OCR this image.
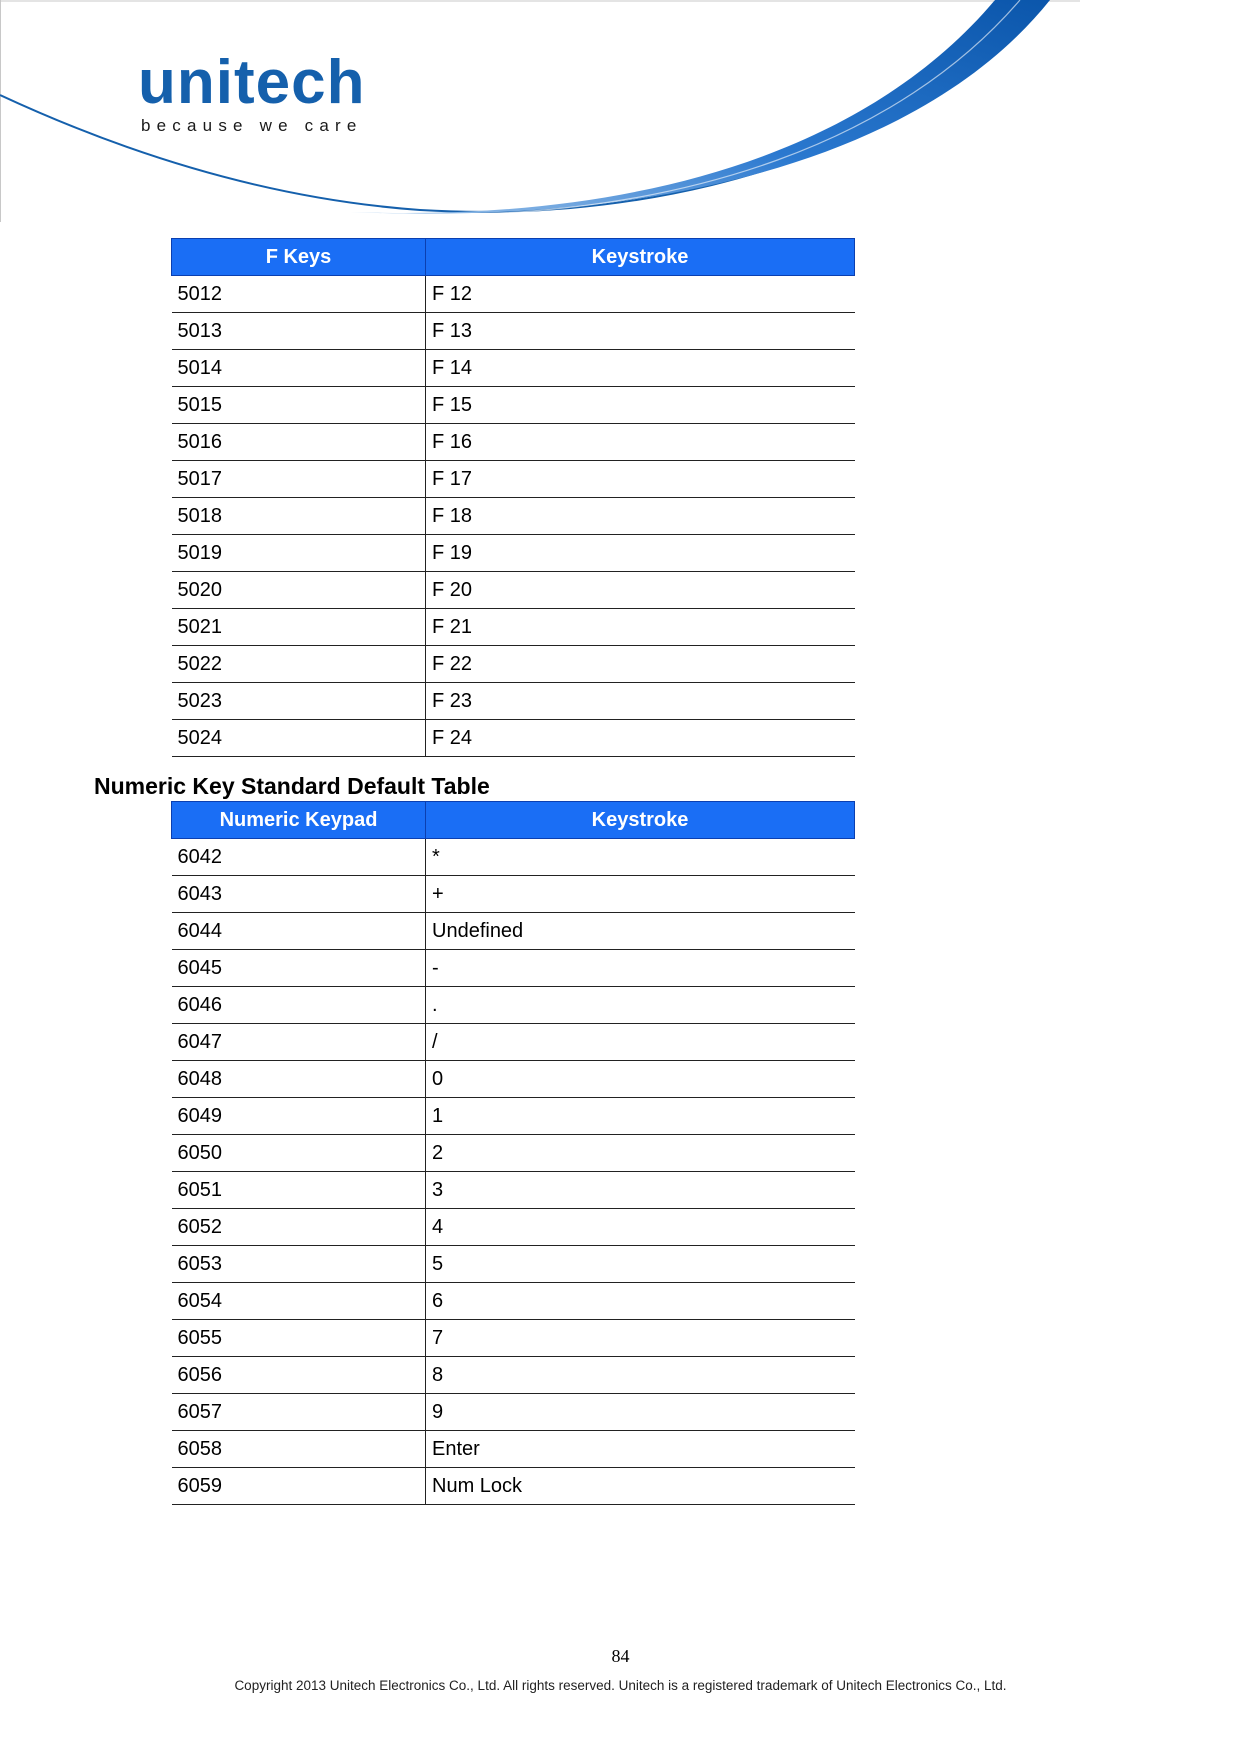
unitech
because we care
F Keys	Keystroke
5012	F 12
5013	F 13
5014	F 14
5015	F 15
5016	F 16
5017	F 17
5018	F 18
5019	F 19
5020	F 20
5021	F 21
5022	F 22
5023	F 23
5024	F 24
Numeric Key Standard Default Table
Numeric Keypad	Keystroke
6042	*
6043	+
6044	Undefined
6045	-
6046	.
6047	/
6048	0
6049	1
6050	2
6051	3
6052	4
6053	5
6054	6
6055	7
6056	8
6057	9
6058	Enter
6059	Num Lock
84
Copyright 2013 Unitech Electronics Co., Ltd. All rights reserved. Unitech is a registered trademark of Unitech Electronics Co., Ltd.
